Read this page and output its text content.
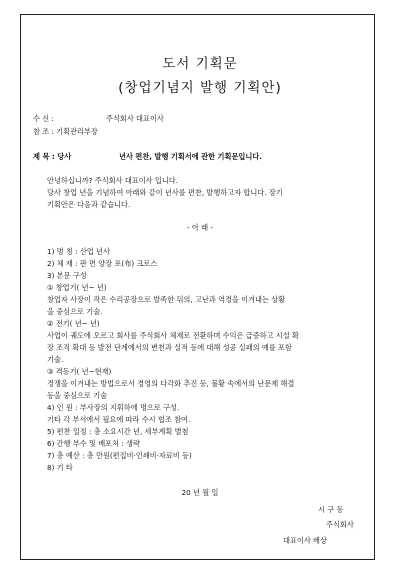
도서 기획문
(창업기념지 발행 기획안)
수 신 :	주식회사 대표이사
참 조 : 기획관리부장
제 목 : 당사	년사 편찬, 발행 기획서에 관한 기획문입니다.
안녕하십니까? 주식회사 대표이사 입니다.
당사 창업 년을 기념하여 아래와 같이 년사를 편찬, 발행하고자 합니다. 장기
기획안은 다음과 같습니다.
- 아 래 -
1) 명 칭 : 산업 년사
2) 체 재 : 판 면 양장 포(布) 크로스
3) 본문 구성
① 창업기( 년~ 년)
창업자 사장이 작은 수리공장으로 발족한 뒤의, 고난과 역경을 이겨내는 상황
을 중심으로 기술.
② 전기( 년~ 년)
사업이 궤도에 오르고 회사를 주식회사 체제로 전환하며 수익은 급증하고 시설 확
장 조직 확대 등 발전 단계에서의 변천과 실적 등에 대해 성공 실패의 예를 포함
기술.
③ 격동기( 년~현재)
경쟁을 이겨내는 방법으로서 경영의 다각화 추진 등, 불황 속에서의 난문제 해결
등을 중심으로 기술
4) 인 원 : 부사장의 지휘하에 명으로 구성.
기타 각 부서에서 필요에 따라 수시 협조 참여.
5) 편찬 일정 : 총 소요시간 년, 세부계획 별첨
6) 간행 부수 및 배포처 : 생략
7) 총 예산 : 총 만원(편집비·인쇄비·자료비 등)
8) 기 타
20 년 월 일
시 구 동
주식회사
대표이사 배상
